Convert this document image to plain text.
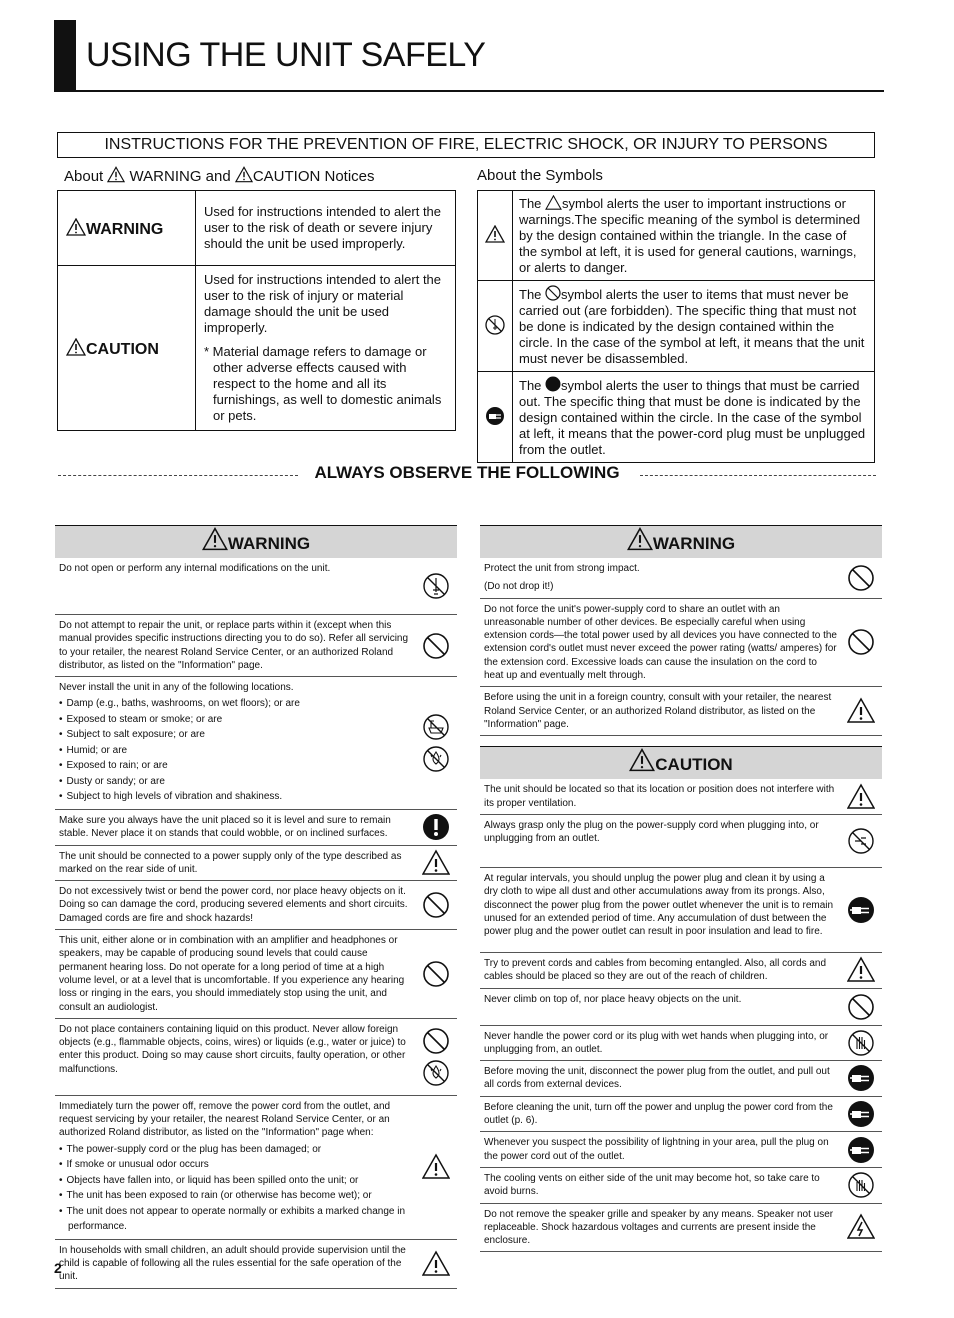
USING THE UNIT SAFELY
INSTRUCTIONS FOR THE PREVENTION OF FIRE, ELECTRIC SHOCK, OR INJURY TO PERSONS
About  WARNING and CAUTION Notices	About the Symbols
WARNING	Used for instructions intended to alert the user to the risk of death or severe injury should the unit be used improperly.
CAUTION	Used for instructions intended to alert the user to the risk of injury or material damage should the unit be used improperly.
* Material damage refers to damage or other adverse effects caused with respect to the home and all its furnishings, as well to domestic animals or pets.
	The symbol alerts the user to important instructions or warnings.The specific meaning of the symbol is determined by the design contained within the triangle. In the case of the symbol at left, it is used for general cautions, warnings, or alerts to danger.
	The symbol alerts the user to items that must never be carried out (are forbidden). The specific thing that must not be done is indicated by the design contained within the circle. In the case of the symbol at left, it means that the unit must never be disassembled.
	The symbol alerts the user to things that must be carried out. The specific thing that must be done is indicated by the design contained within the circle. In the case of the symbol at left, it means that the power-cord plug must be unplugged from the outlet.
ALWAYS OBSERVE THE FOLLOWING
WARNING
Do not open or perform any internal modifications on the unit.
Do not attempt to repair the unit, or replace parts within it (except when this manual provides specific instructions directing you to do so). Refer all servicing to your retailer, the nearest Roland Service Center, or an authorized Roland distributor, as listed on the "Information" page.
Never install the unit in any of the following locations.
• Damp (e.g., baths, washrooms, on wet floors); or are
• Exposed to steam or smoke; or are
• Subject to salt exposure; or are
• Humid; or are
• Exposed to rain; or are
• Dusty or sandy; or are
• Subject to high levels of vibration and shakiness.
Make sure you always have the unit placed so it is level and sure to remain stable. Never place it on stands that could wobble, or on inclined surfaces.
The unit should be connected to a power supply only of the type described as marked on the rear side of unit.
Do not excessively twist or bend the power cord, nor place heavy objects on it. Doing so can damage the cord, producing severed elements and short circuits. Damaged cords are fire and shock hazards!
This unit, either alone or in combination with an amplifier and headphones or speakers, may be capable of producing sound levels that could cause permanent hearing loss. Do not operate for a long period of time at a high volume level, or at a level that is uncomfortable. If you experience any hearing loss or ringing in the ears, you should immediately stop using the unit, and consult an audiologist.
Do not place containers containing liquid on this product. Never allow foreign objects (e.g., flammable objects, coins, wires) or liquids (e.g., water or juice) to enter this product. Doing so may cause short circuits, faulty operation, or other malfunctions.
Immediately turn the power off, remove the power cord from the outlet, and request servicing by your retailer, the nearest Roland Service Center, or an authorized Roland distributor, as listed on the "Information" page when:
• The power-supply cord or the plug has been damaged; or
• If smoke or unusual odor occurs
• Objects have fallen into, or liquid has been spilled onto the unit; or
• The unit has been exposed to rain (or otherwise has become wet); or
• The unit does not appear to operate normally or exhibits a marked change in performance.
In households with small children, an adult should provide supervision until the child is capable of following all the rules essential for the safe operation of the unit.
WARNING
Protect the unit from strong impact.
(Do not drop it!)
Do not force the unit's power-supply cord to share an outlet with an unreasonable number of other devices. Be especially careful when using extension cords—the total power used by all devices you have connected to the extension cord's outlet must never exceed the power rating (watts/ amperes) for the extension cord. Excessive loads can cause the insulation on the cord to heat up and eventually melt through.
Before using the unit in a foreign country, consult with your retailer, the nearest Roland Service Center, or an authorized Roland distributor, as listed on the "Information" page.
CAUTION
The unit should be located so that its location or position does not interfere with its proper ventilation.
Always grasp only the plug on the power-supply cord when plugging into, or unplugging from an outlet.
At regular intervals, you should unplug the power plug and clean it by using a dry cloth to wipe all dust and other accumulations away from its prongs. Also, disconnect the power plug from the power outlet whenever the unit is to remain unused for an extended period of time. Any accumulation of dust between the power plug and the power outlet can result in poor insulation and lead to fire.
Try to prevent cords and cables from becoming entangled. Also, all cords and cables should be placed so they are out of the reach of children.
Never climb on top of, nor place heavy objects on the unit.
Never handle the power cord or its plug with wet hands when plugging into, or unplugging from, an outlet.
Before moving the unit, disconnect the power plug from the outlet, and pull out all cords from external devices.
Before cleaning the unit, turn off the power and unplug the power cord from the outlet (p. 6).
Whenever you suspect the possibility of lightning in your area, pull the plug on the power cord out of the outlet.
The cooling vents on either side of the unit may become hot, so take care to avoid burns.
Do not remove the speaker grille and speaker by any means. Speaker not user replaceable. Shock hazardous voltages and currents are present inside the enclosure.
2
